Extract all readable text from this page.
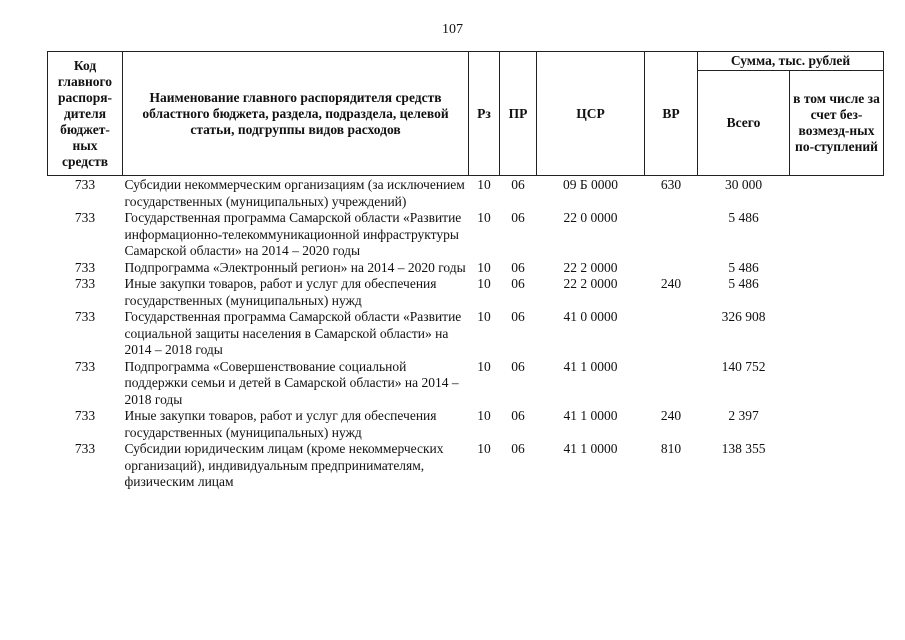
107
Код главного распоря-дителя бюджет-ных средств	Наименование главного распорядителя средств областного бюджета, раздела, подраздела, целевой статьи, подгруппы видов расходов	Рз	ПР	ЦСР	ВР	Сумма, тыс. рублей	
						Всего	в том числе за счет без-возмезд-ных по-ступлений
733	Субсидии некоммерческим организациям (за исключением государственных (муниципальных) учреждений)	10	06	09 Б 0000	630	30 000	
733	Государственная программа Самарской области «Развитие информационно-телекоммуникационной инфраструктуры Самарской области» на 2014 – 2020 годы	10	06	22 0 0000		5 486	
733	Подпрограмма «Электронный регион» на 2014 – 2020 годы	10	06	22 2 0000		5 486	
733	Иные закупки товаров, работ и услуг для обеспечения государственных (муниципальных) нужд	10	06	22 2 0000	240	5 486	
733	Государственная программа Самарской области «Развитие социальной защиты населения в Самарской области» на 2014 – 2018 годы	10	06	41 0 0000		326 908	
733	Подпрограмма «Совершенствование социальной поддержки семьи и детей в Самарской области» на 2014 – 2018 годы	10	06	41 1 0000		140 752	
733	Иные закупки товаров, работ и услуг для обеспечения государственных (муниципальных) нужд	10	06	41 1 0000	240	2 397	
733	Субсидии юридическим лицам (кроме некоммерческих организаций), индивидуальным предпринимателям, физическим лицам	10	06	41 1 0000	810	138 355	
